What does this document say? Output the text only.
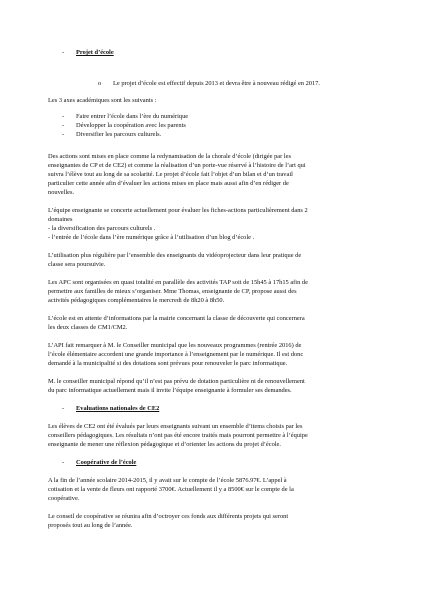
- Projet d’école

o Le projet d’école est effectif depuis 2013 et devra être à nouveau rédigé en 2017.

Les 3 axes académiques sont les suivants :

- Faire entrer l’école dans l’ère du numérique

- Développer la coopération avec les parents

- Diversifier les parcours culturels.

Des actions sont mises en place comme la redynamisation de la chorale d’école (dirigée par les

enseignantes de CP et de CE2) et comme la réalisation d’un porte-vue réservé à l’histoire de l’art qui

suivra l’élève tout au long de sa scolarité. Le projet d’école fait l’objet d’un bilan et d’un travail

particulier cette année afin d’évaluer les actions mises en place mais aussi afin d’en rédiger de

nouvelles.

L’équipe enseignante se concerte actuellement pour évaluer les fiches-actions particulièrement dans 2

domaines

- la diversification des parcours culturels .

- l’entrée de l’école dans l’ère numérique grâce à l’utilisation d’un blog d’école .

L’utilisation plus régulière par l’ensemble des enseignants du vidéoprojecteur dans leur pratique de

classe sera poursuivie.

Les APC sont organisées en quasi totalité en parallèle des activités TAP soit de 15h45 à 17h15 afin de

permettre aux familles de mieux s’organiser. Mme Thomas, enseignante de CP, propose aussi des

activités pédagogiques complémentaires le mercredi de 8h20 à 8h50.

L’école est en attente d’informations par la mairie concernant la classe de découverte qui concernera

les deux classes de CM1/CM2.

L’API fait remarquer à M. le Conseiller municipal que les nouveaux programmes (rentrée 2016) de

l’école élémentaire accordent une grande importance à l’enseignement par le numérique. Il est donc

demandé à la municipalité si des dotations sont prévues pour renouveler le parc informatique.

M. le conseiller municipal répond qu’il n’est pas prévu de dotation particulière ni de renouvellement

du parc informatique actuellement mais il invite l’équipe enseignante à formuler ses demandes.

- Evaluations nationales de CE2

Les élèves de CE2 ont été évalués par leurs enseignants suivant un ensemble d’items choisis par les

conseillers pédagogiques. Les résultats n’ont pas été encore traités mais pourront permettre à l’équipe

enseignante de mener une réflexion pédagogique et d’orienter les actions du projet d’école.

- Coopérative de l’école

A la fin de l’année scolaire 2014-2015, il y avait sur le compte de l’école 5876.97€. L’appel à

cotisation et la vente de fleurs ont rapporté 3700€. Actuellement il y a 8500€ sur le compte de la

coopérative.

Le conseil de coopérative se réunira afin d’octroyer ces fonds aux différents projets qui seront

proposés tout au long de l’année.
